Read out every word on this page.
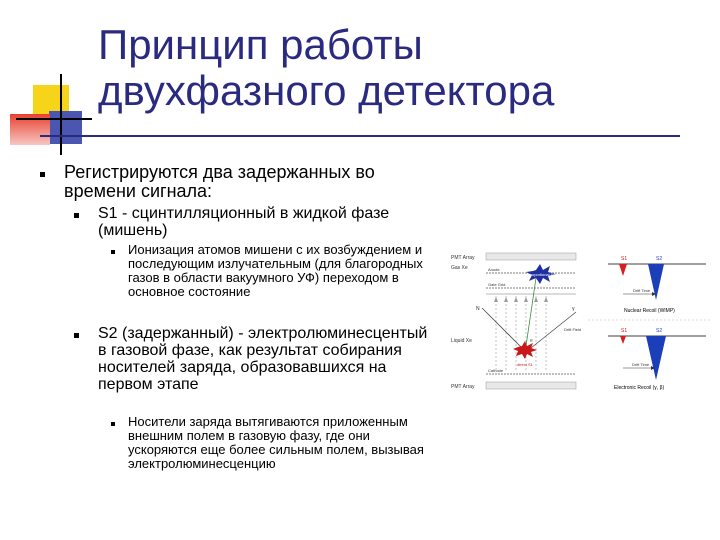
Принцип работы
двухфазного детектора
Регистрируются два задержанных во времени сигнала:
S1 - сцинтилляционный в жидкой фазе (мишень)
Ионизация атомов мишени с их возбуждением и последующим излучательным (для благородных газов в области вакуумного УФ) переходом в основное состояние
S2 (задержанный) - электролюминесцентый в газовой фазе, как результат собирания носителей заряда, образовавшихся на первом этапе
Носители заряда вытягиваются приложенным внешним полем в газовую фазу, где они ускоряются еще более сильным полем, вызывая электролюминесценцию
PMT Array
Gas Xe	Anode
Gate Grid
proportional S2
e
Drift Field
N	γ
direct S1
Liquid Xe
Cathode
PMT Array
S1	S2
Drift Time
Nuclear Recoil (WIMP)
S1	S2
Drift Time
Electronic Recoil (γ, β)
